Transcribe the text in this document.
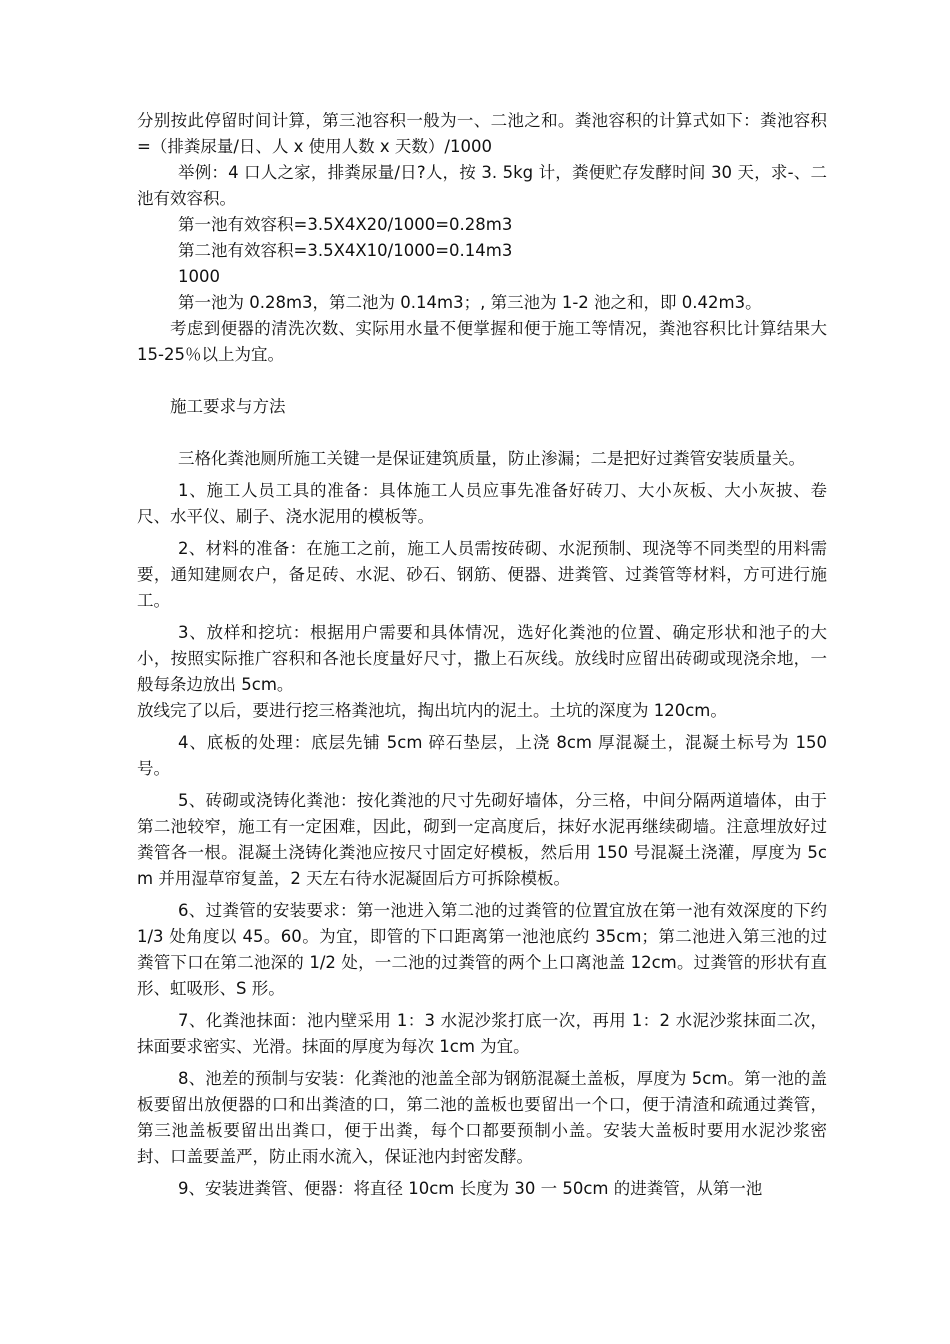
分别按此停留时间计算，第三池容积一般为一、二池之和。粪池容积的计算式如下：粪池容积=（排粪尿量/日、人 x 使用人数 x 天数）/1000

举例：4 口人之家，排粪尿量/日?人，按 3. 5kg 计，粪便贮存发酵时间 30 天，求-、二池有效容积。

第一池有效容积=3.5X4X20/1000=0.28m3

第二池有效容积=3.5X4X10/1000=0.14m3

1000

第一池为 0.28m3，第二池为 0.14m3；, 第三池为 1-2 池之和，即 0.42m3。

考虑到便器的清洗次数、实际用水量不便掌握和便于施工等情况，粪池容积比计算结果大 15-25％以上为宜。

施工要求与方法

三格化粪池厕所施工关键一是保证建筑质量，防止渗漏；二是把好过粪管安装质量关。

1、施工人员工具的准备：具体施工人员应事先准备好砖刀、大小灰板、大小灰披、卷尺、水平仪、刷子、浇水泥用的模板等。

2、材料的准备：在施工之前，施工人员需按砖砌、水泥预制、现浇等不同类型的用料需要，通知建厕农户，备足砖、水泥、砂石、钢筋、便器、进粪管、过粪管等材料，方可进行施工。

3、放样和挖坑：根据用户需要和具体情况，选好化粪池的位置、确定形状和池子的大小，按照实际推广容积和各池长度量好尺寸，撒上石灰线。放线时应留出砖砌或现浇余地，一般每条边放出 5cm。

放线完了以后，要进行挖三格粪池坑，掏出坑内的泥土。土坑的深度为 120cm。

4、底板的处理：底层先铺 5cm 碎石垫层，上浇 8cm 厚混凝土，混凝土标号为 150 号。

5、砖砌或浇铸化粪池：按化粪池的尺寸先砌好墙体，分三格，中间分隔两道墙体，由于第二池较窄，施工有一定困难，因此，砌到一定高度后，抹好水泥再继续砌墙。注意埋放好过粪管各一根。混凝土浇铸化粪池应按尺寸固定好模板，然后用 150 号混凝土浇灌，厚度为 5cm 并用湿草帘复盖，2 天左右待水泥凝固后方可拆除模板。

6、过粪管的安装要求：第一池进入第二池的过粪管的位置宜放在第一池有效深度的下约 1/3 处角度以 45。60。为宜，即管的下口距离第一池池底约 35cm；第二池进入第三池的过粪管下口在第二池深的 1/2 处，一二池的过粪管的两个上口离池盖 12cm。过粪管的形状有直形、虹吸形、S 形。

7、化粪池抹面：池内壁采用 1：3 水泥沙浆打底一次，再用 1：2 水泥沙浆抹面二次，抹面要求密实、光滑。抹面的厚度为每次 1cm 为宜。

8、池差的预制与安装：化粪池的池盖全部为钢筋混凝土盖板，厚度为 5cm。第一池的盖板要留出放便器的口和出粪渣的口，第二池的盖板也要留出一个口，便于清渣和疏通过粪管，第三池盖板要留出出粪口，便于出粪，每个口都要预制小盖。安装大盖板时要用水泥沙浆密封、口盖要盖严，防止雨水流入，保证池内封密发酵。

9、安装进粪管、便器：将直径 10cm 长度为 30 一 50cm 的进粪管，从第一池
